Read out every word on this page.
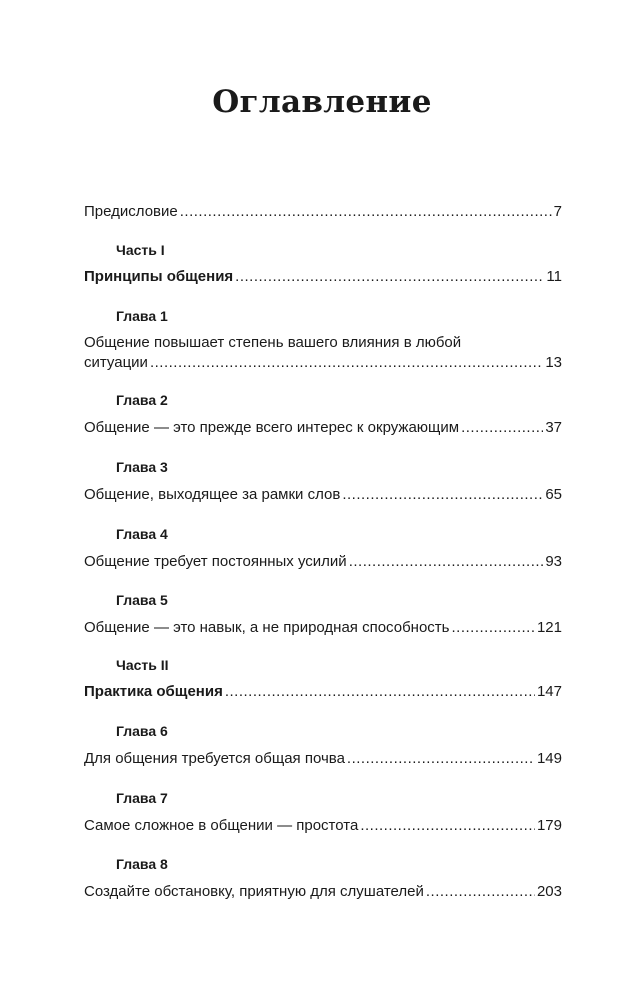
Оглавление
Предисловие .....	7
Часть I
Принципы общения .....	11
Глава 1
Общение повышает степень вашего влияния в любой
ситуации .....	13
Глава 2
Общение — это прежде всего интерес к окружающим .....	37
Глава 3
Общение, выходящее за рамки слов .....	65
Глава 4
Общение требует постоянных усилий .....	93
Глава 5
Общение — это навык, а не природная способность .....	121
Часть II
Практика общения .....	147
Глава 6
Для общения требуется общая почва .....	149
Глава 7
Самое сложное в общении — простота .....	179
Глава 8
Создайте обстановку, приятную для слушателей .....	203
